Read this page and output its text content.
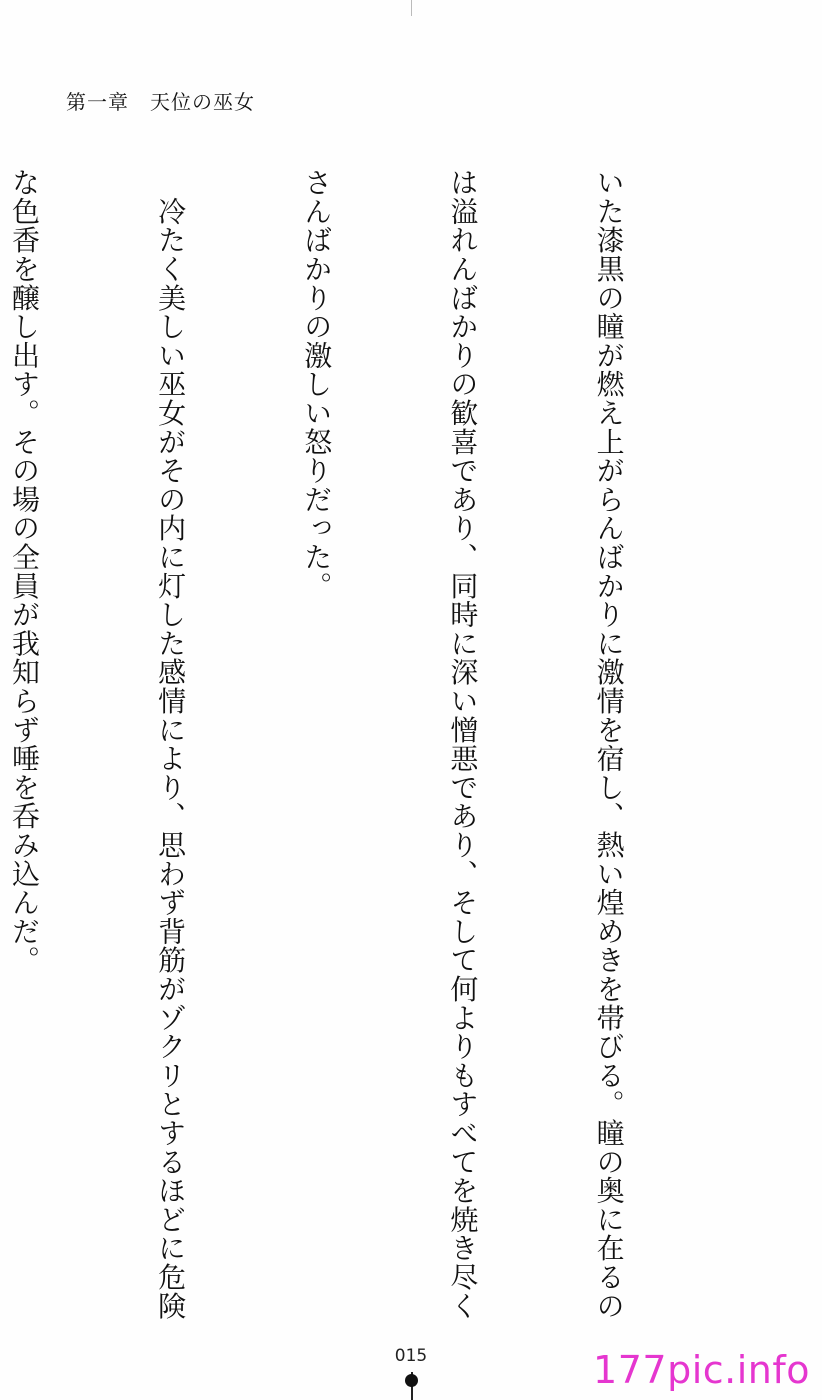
第一章　天位の巫女

いた漆黒の瞳が燃え上がらんばかりに激情を宿し、熱い煌めきを帯びる。瞳の奥に在るの

は溢れんばかりの歓喜であり、同時に深い憎悪であり、そして何よりもすべてを焼き尽く

さんばかりの激しい怒りだった。

　冷たく美しい巫女がその内に灯した感情により、思わず背筋がゾクリとするほどに危険

な色香を醸し出す。その場の全員が我知らず唾を呑み込んだ。

015	177pic.info
